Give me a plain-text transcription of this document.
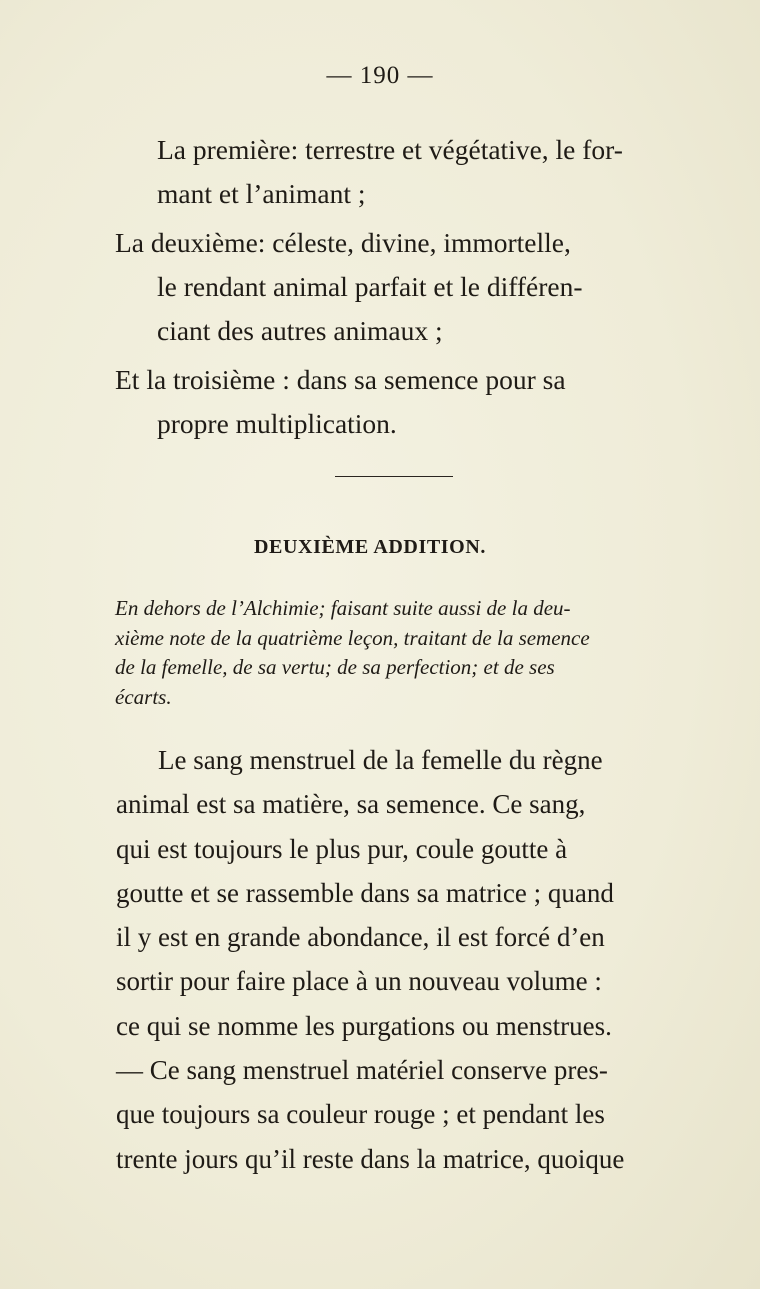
— 190 —

La première: terrestre et végétative, le for-
mant et l’animant ;

La deuxième: céleste, divine, immortelle,
le rendant animal parfait et le différen-
ciant des autres animaux ;

Et la troisième : dans sa semence pour sa
propre multiplication.

DEUXIÈME ADDITION.
En dehors de l’Alchimie; faisant suite aussi de la deu-
xième note de la quatrième leçon, traitant de la semence
de la femelle, de sa vertu; de sa perfection; et de ses
écarts.

Le sang menstruel de la femelle du règne
animal est sa matière, sa semence. Ce sang,
qui est toujours le plus pur, coule goutte à
goutte et se rassemble dans sa matrice ; quand
il y est en grande abondance, il est forcé d’en
sortir pour faire place à un nouveau volume :
ce qui se nomme les purgations ou menstrues.
— Ce sang menstruel matériel conserve pres-
que toujours sa couleur rouge ; et pendant les
trente jours qu’il reste dans la matrice, quoique
